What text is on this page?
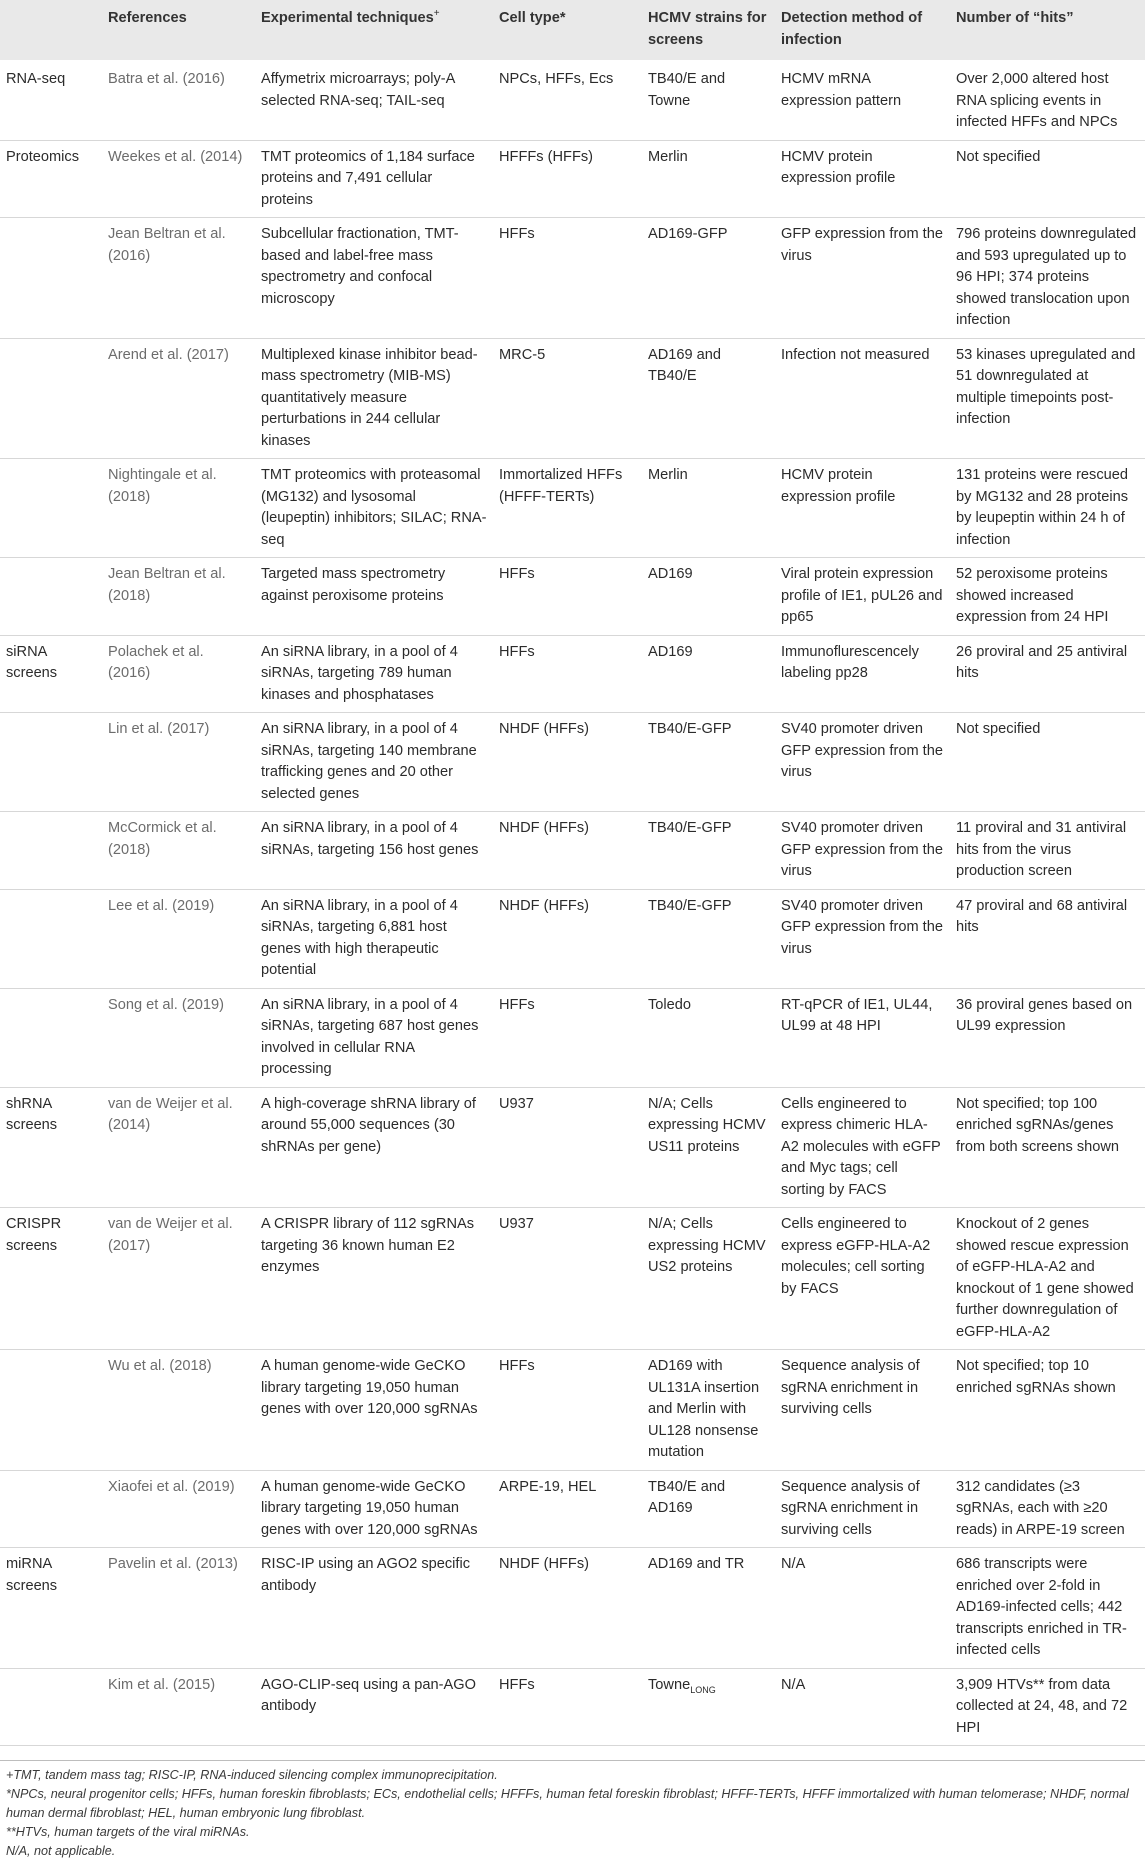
	References	Experimental techniques+	Cell type*	HCMV strains for screens	Detection method of infection	Number of “hits”
RNA-seq	Batra et al. (2016)	Affymetrix microarrays; poly-A selected RNA-seq; TAIL-seq	NPCs, HFFs, Ecs	TB40/E and Towne	HCMV mRNA expression pattern	Over 2,000 altered host RNA splicing events in infected HFFs and NPCs
Proteomics	Weekes et al. (2014)	TMT proteomics of 1,184 surface proteins and 7,491 cellular proteins	HFFFs (HFFs)	Merlin	HCMV protein expression profile	Not specified
	Jean Beltran et al. (2016)	Subcellular fractionation, TMT-based and label-free mass spectrometry and confocal microscopy	HFFs	AD169-GFP	GFP expression from the virus	796 proteins downregulated and 593 upregulated up to 96 HPI; 374 proteins showed translocation upon infection
	Arend et al. (2017)	Multiplexed kinase inhibitor bead-mass spectrometry (MIB-MS) quantitatively measure perturbations in 244 cellular kinases	MRC-5	AD169 and TB40/E	Infection not measured	53 kinases upregulated and 51 downregulated at multiple timepoints post-infection
	Nightingale et al. (2018)	TMT proteomics with proteasomal (MG132) and lysosomal (leupeptin) inhibitors; SILAC; RNA-seq	Immortalized HFFs (HFFF-TERTs)	Merlin	HCMV protein expression profile	131 proteins were rescued by MG132 and 28 proteins by leupeptin within 24 h of infection
	Jean Beltran et al. (2018)	Targeted mass spectrometry against peroxisome proteins	HFFs	AD169	Viral protein expression profile of IE1, pUL26 and pp65	52 peroxisome proteins showed increased expression from 24 HPI
siRNA screens	Polachek et al. (2016)	An siRNA library, in a pool of 4 siRNAs, targeting 789 human kinases and phosphatases	HFFs	AD169	Immunoflurescencely labeling pp28	26 proviral and 25 antiviral hits
	Lin et al. (2017)	An siRNA library, in a pool of 4 siRNAs, targeting 140 membrane trafficking genes and 20 other selected genes	NHDF (HFFs)	TB40/E-GFP	SV40 promoter driven GFP expression from the virus	Not specified
	McCormick et al. (2018)	An siRNA library, in a pool of 4 siRNAs, targeting 156 host genes	NHDF (HFFs)	TB40/E-GFP	SV40 promoter driven GFP expression from the virus	11 proviral and 31 antiviral hits from the virus production screen
	Lee et al. (2019)	An siRNA library, in a pool of 4 siRNAs, targeting 6,881 host genes with high therapeutic potential	NHDF (HFFs)	TB40/E-GFP	SV40 promoter driven GFP expression from the virus	47 proviral and 68 antiviral hits
	Song et al. (2019)	An siRNA library, in a pool of 4 siRNAs, targeting 687 host genes involved in cellular RNA processing	HFFs	Toledo	RT-qPCR of IE1, UL44, UL99 at 48 HPI	36 proviral genes based on UL99 expression
shRNA screens	van de Weijer et al. (2014)	A high-coverage shRNA library of around 55,000 sequences (30 shRNAs per gene)	U937	N/A; Cells expressing HCMV US11 proteins	Cells engineered to express chimeric HLA-A2 molecules with eGFP and Myc tags; cell sorting by FACS	Not specified; top 100 enriched sgRNAs/genes from both screens shown
CRISPR screens	van de Weijer et al. (2017)	A CRISPR library of 112 sgRNAs targeting 36 known human E2 enzymes	U937	N/A; Cells expressing HCMV US2 proteins	Cells engineered to express eGFP-HLA-A2 molecules; cell sorting by FACS	Knockout of 2 genes showed rescue expression of eGFP-HLA-A2 and knockout of 1 gene showed further downregulation of eGFP-HLA-A2
	Wu et al. (2018)	A human genome-wide GeCKO library targeting 19,050 human genes with over 120,000 sgRNAs	HFFs	AD169 with UL131A insertion and Merlin with UL128 nonsense mutation	Sequence analysis of sgRNA enrichment in surviving cells	Not specified; top 10 enriched sgRNAs shown
	Xiaofei et al. (2019)	A human genome-wide GeCKO library targeting 19,050 human genes with over 120,000 sgRNAs	ARPE-19, HEL	TB40/E and AD169	Sequence analysis of sgRNA enrichment in surviving cells	312 candidates (≥3 sgRNAs, each with ≥20 reads) in ARPE-19 screen
miRNA screens	Pavelin et al. (2013)	RISC-IP using an AGO2 specific antibody	NHDF (HFFs)	AD169 and TR	N/A	686 transcripts were enriched over 2-fold in AD169-infected cells; 442 transcripts enriched in TR-infected cells
	Kim et al. (2015)	AGO-CLIP-seq using a pan-AGO antibody	HFFs	Towne$_{LONG}$	N/A	3,909 HTVs** from data collected at 24, 48, and 72 HPI
+TMT, tandem mass tag; RISC-IP, RNA-induced silencing complex immunoprecipitation.
*NPCs, neural progenitor cells; HFFs, human foreskin fibroblasts; ECs, endothelial cells; HFFFs, human fetal foreskin fibroblast; HFFF-TERTs, HFFF immortalized with human telomerase; NHDF, normal human dermal fibroblast; HEL, human embryonic lung fibroblast.
**HTVs, human targets of the viral miRNAs.
N/A, not applicable.
